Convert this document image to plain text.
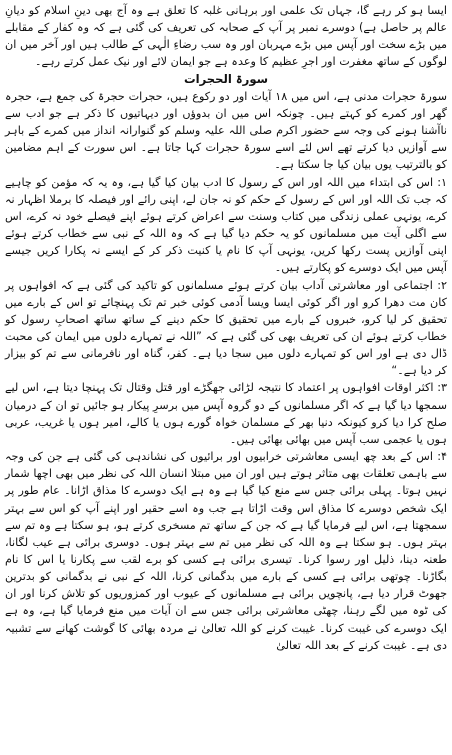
ایسا ہو کر رہے گا، جہاں تک علمی اور برہانی غلبہ کا تعلق ہے وہ آج بھی دینِ اسلام کو دیانِ عالم پر حاصل ہے) دوسرے نمبر پر آپ کے صحابہ کی تعریف کی گئی ہے کہ وہ کفار کے مقابلے میں بڑے سخت اور آپس میں بڑے مہربان اور وہ سب رضاءِ الٰہی کے طالب ہیں اور آخر میں ان لوگوں کے ساتھ مغفرت اور اجرِ عظیم کا وعدہ ہے جو ایمان لائے اور نیک عمل کرتے رہے۔

سورۃ الحجرات

سورۃ حجرات مدنی ہے، اس میں ۱۸ آیات اور دو رکوع ہیں، حجرات حجرۃ کی جمع ہے، حجرہ گھر اور کمرے کو کہتے ہیں۔ چونکہ اس میں ان بدوؤں اور دیہاتیوں کا ذکر ہے جو ادب سے ناآشنا ہونے کی وجہ سے حضور اکرم صلی اللہ علیہ وسلم کو گنوارانہ انداز میں کمرے کے باہر سے آوازیں دیا کرتے تھے اس لئے اسے سورۃ حجرات کہا جاتا ہے۔ اس سورت کے اہم مضامین کو بالترتیب یوں بیان کیا جا سکتا ہے۔

۱: اس کی ابتداء میں اللہ اور اس کے رسول کا ادب بیان کیا گیا ہے، وہ یہ کہ مؤمن کو چاہیے کہ جب تک اللہ اور اس کے رسول کے حکم کو نہ جان لے، اپنی رائے اور فیصلہ کا برملا اظہار نہ کرے، یونہی عملی زندگی میں کتاب وسنت سے اعراض کرتے ہوئے اپنے فیصلے خود نہ کرے، اس سے اگلی آیت میں مسلمانوں کو یہ حکم دیا گیا ہے کہ وہ اللہ کے نبی سے خطاب کرتے ہوئے اپنی آوازیں پست رکھا کریں، یونہی آپ کا نام یا کنیت ذکر کر کے ایسے نہ پکارا کریں جیسے آپس میں ایک دوسرے کو پکارتے ہیں۔

۲: اجتماعی اور معاشرتی آداب بیان کرتے ہوئے مسلمانوں کو تاکید کی گئی ہے کہ افواہوں پر کان مت دھرا کرو اور اگر کوئی ایسا ویسا آدمی کوئی خبر تم تک پہنچائے تو اس کے بارے میں تحقیق کر لیا کرو، خبروں کے بارے میں تحقیق کا حکم دینے کے ساتھ ساتھ اصحابِ رسول کو خطاب کرتے ہوئے ان کی تعریف بھی کی گئی ہے کہ ”اللہ نے تمہارے دلوں میں ایمان کی محبت ڈال دی ہے اور اس کو تمہارے دلوں میں سجا دیا ہے۔ کفر، گناہ اور نافرمانی سے تم کو بیزار کر دیا ہے۔“

۳: اکثر اوقات افواہوں پر اعتماد کا نتیجہ لڑائی جھگڑے اور قتل وقتال تک پہنچا دیتا ہے، اس لیے سمجھا دیا گیا ہے کہ اگر مسلمانوں کے دو گروہ آپس میں برسرِ پیکار ہو جائیں تو ان کے درمیان صلح کرا دیا کرو کیونکہ دنیا بھر کے مسلمان خواہ گورے ہوں یا کالے، امیر ہوں یا غریب، عربی ہوں یا عجمی سب آپس میں بھائی بھائی ہیں۔

۴: اس کے بعد چھ ایسی معاشرتی خرابیوں اور برائیوں کی نشاندہی کی گئی ہے جن کی وجہ سے باہمی تعلقات بھی متاثر ہوتے ہیں اور ان میں مبتلا انسان اللہ کی نظر میں بھی اچھا شمار نہیں ہوتا۔ پہلی برائی جس سے منع کیا گیا ہے وہ ہے ایک دوسرے کا مذاق اڑانا۔ عام طور پر ایک شخص دوسرے کا مذاق اس وقت اڑاتا ہے جب وہ اسے حقیر اور اپنے آپ کو اس سے بہتر سمجھتا ہے، اس لیے فرمایا گیا ہے کہ جن کے ساتھ تم مسخری کرتے ہو، ہو سکتا ہے وہ تم سے بہتر ہوں۔ ہو سکتا ہے وہ اللہ کی نظر میں تم سے بہتر ہوں۔ دوسری برائی ہے عیب لگانا، طعنہ دینا، ذلیل اور رسوا کرنا۔ تیسری برائی ہے کسی کو برے لقب سے پکارنا یا اس کا نام بگاڑنا۔ چوتھی برائی ہے کسی کے بارے میں بدگمانی کرنا، اللہ کے نبی نے بدگمانی کو بدترین جھوٹ قرار دیا ہے، پانچویں برائی ہے مسلمانوں کے عیوب اور کمزوریوں کو تلاش کرنا اور ان کی ٹوہ میں لگے رہنا، چھٹی معاشرتی برائی جس سے ان آیات میں منع فرمایا گیا ہے، وہ ہے ایک دوسرے کی غیبت کرنا۔ غیبت کرنے کو اللہ تعالیٰ نے مردہ بھائی کا گوشت کھانے سے تشبیہ دی ہے۔ غیبت کرنے کے بعد اللہ تعالیٰ
